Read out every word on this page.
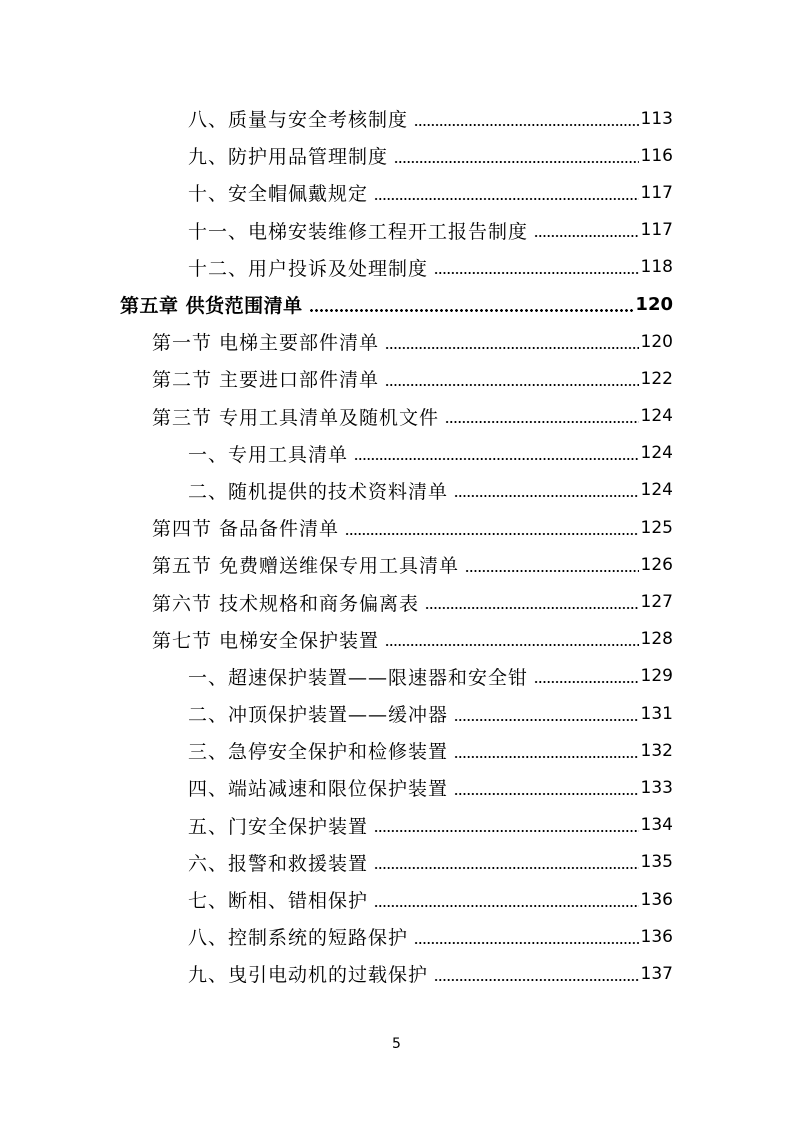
八、质量与安全考核制度	113
九、防护用品管理制度	116
十、安全帽佩戴规定	117
十一、电梯安装维修工程开工报告制度	117
十二、用户投诉及处理制度	118
第五章 供货范围清单	120
第一节 电梯主要部件清单	120
第二节 主要进口部件清单	122
第三节 专用工具清单及随机文件	124
一、专用工具清单	124
二、随机提供的技术资料清单	124
第四节 备品备件清单	125
第五节 免费赠送维保专用工具清单	126
第六节 技术规格和商务偏离表	127
第七节 电梯安全保护装置	128
一、超速保护装置——限速器和安全钳	129
二、冲顶保护装置——缓冲器	131
三、急停安全保护和检修装置	132
四、端站减速和限位保护装置	133
五、门安全保护装置	134
六、报警和救援装置	135
七、断相、错相保护	136
八、控制系统的短路保护	136
九、曳引电动机的过载保护	137
5
